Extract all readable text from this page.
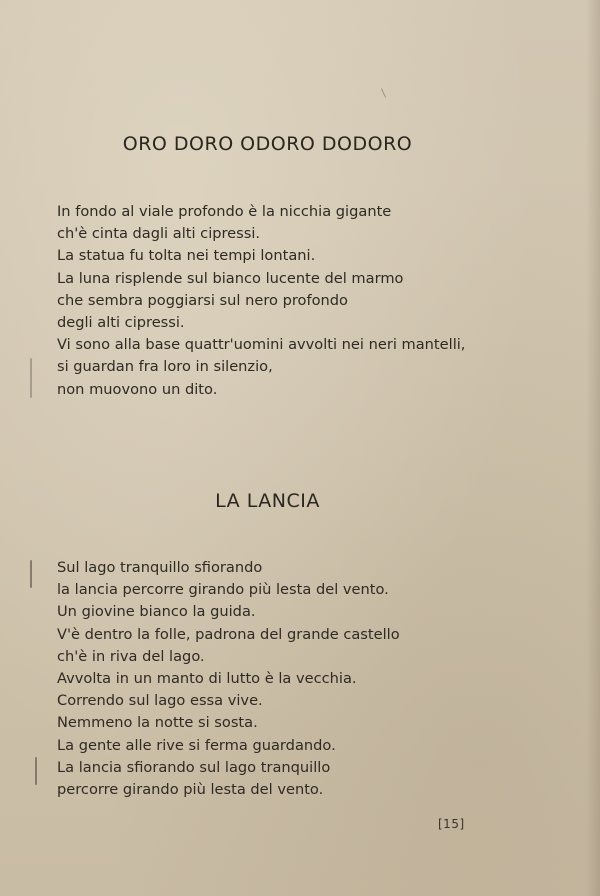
ORO DORO ODORO DODORO
In fondo al viale profondo è la nicchia gigante
ch'è cinta dagli alti cipressi.
La statua fu tolta nei tempi lontani.
La luna risplende sul bianco lucente del marmo
che sembra poggiarsi sul nero profondo
degli alti cipressi.
Vi sono alla base quattr'uomini avvolti nei neri mantelli,
si guardan fra loro in silenzio,
non muovono un dito.
LA LANCIA
Sul lago tranquillo sfiorando
la lancia percorre girando più lesta del vento.
Un giovine bianco la guida.
V'è dentro la folle, padrona del grande castello
ch'è in riva del lago.
Avvolta in un manto di lutto è la vecchia.
Correndo sul lago essa vive.
Nemmeno la notte si sosta.
La gente alle rive si ferma guardando.
La lancia sfiorando sul lago tranquillo
percorre girando più lesta del vento.
[15]
